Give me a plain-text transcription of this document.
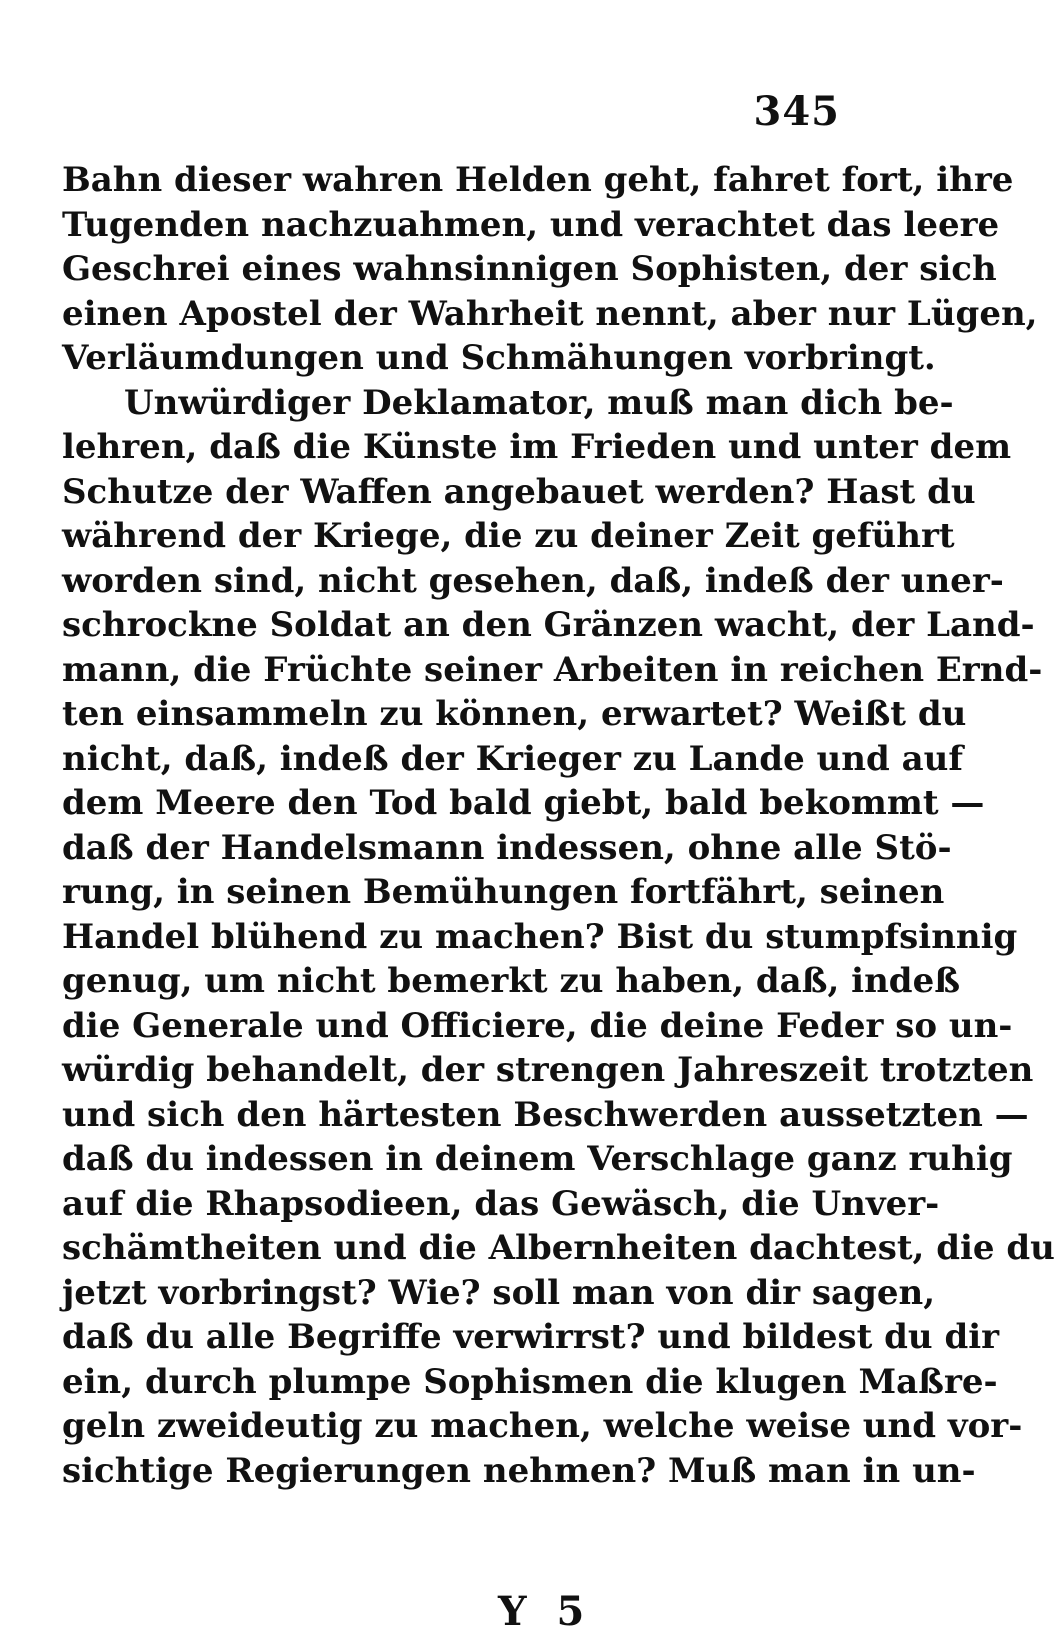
345
Bahn dieser wahren Helden geht, fahret fort, ihre
Tugenden nachzuahmen, und verachtet das leere
Geschrei eines wahnsinnigen Sophisten, der sich
einen Apostel der Wahrheit nennt, aber nur Lügen,
Verläumdungen und Schmähungen vorbringt.
Unwürdiger Deklamator, muß man dich be-
lehren, daß die Künste im Frieden und unter dem
Schutze der Waffen angebauet werden? Hast du
während der Kriege, die zu deiner Zeit geführt
worden sind, nicht gesehen, daß, indeß der uner-
schrockne Soldat an den Gränzen wacht, der Land-
mann, die Früchte seiner Arbeiten in reichen Ernd-
ten einsammeln zu können, erwartet? Weißt du
nicht, daß, indeß der Krieger zu Lande und auf
dem Meere den Tod bald giebt, bald bekommt —
daß der Handelsmann indessen, ohne alle Stö-
rung, in seinen Bemühungen fortfährt, seinen
Handel blühend zu machen? Bist du stumpfsinnig
genug, um nicht bemerkt zu haben, daß, indeß
die Generale und Officiere, die deine Feder so un-
würdig behandelt, der strengen Jahreszeit trotzten
und sich den härtesten Beschwerden aussetzten —
daß du indessen in deinem Verschlage ganz ruhig
auf die Rhapsodieen, das Gewäsch, die Unver-
schämtheiten und die Albernheiten dachtest, die du
jetzt vorbringst? Wie? soll man von dir sagen,
daß du alle Begriffe verwirrst? und bildest du dir
ein, durch plumpe Sophismen die klugen Maßre-
geln zweideutig zu machen, welche weise und vor-
sichtige Regierungen nehmen? Muß man in un-
Y 5
